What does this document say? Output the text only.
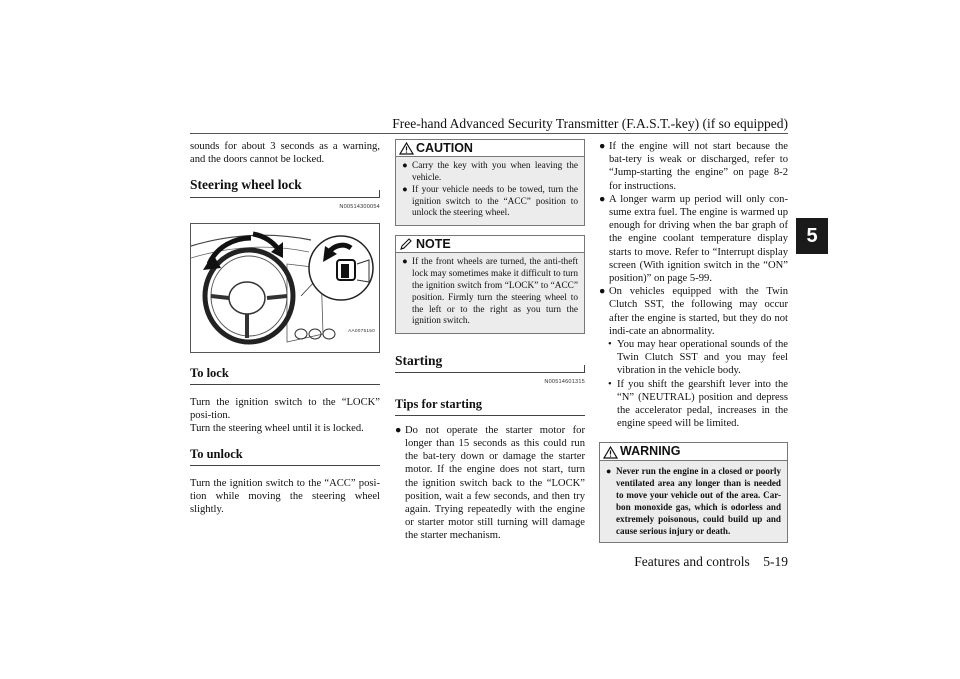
Free-hand Advanced Security Transmitter (F.A.S.T.-key) (if so equipped)
5

sounds for about 3 seconds as a warning, and the doors cannot be locked.

Steering wheel lock
N00514300054
AA0075150
To lock

Turn the ignition switch to the “LOCK” posi-tion.

Turn the steering wheel until it is locked.

To unlock

Turn the ignition switch to the “ACC” posi-tion while moving the steering wheel slightly.

CAUTION
● Carry the key with you when leaving the vehicle.
● If your vehicle needs to be towed, turn the ignition switch to the “ACC” position to unlock the steering wheel.
NOTE
● If the front wheels are turned, the anti-theft lock may sometimes make it difficult to turn the ignition switch from “LOCK” to “ACC” position. Firmly turn the steering wheel to the left or to the right as you turn the ignition switch.
Starting
N00514601315
Tips for starting
● Do not operate the starter motor for longer than 15 seconds as this could run the bat-tery down or damage the starter motor. If the engine does not start, turn the ignition switch back to the “LOCK” position, wait a few seconds, and then try again. Trying repeatedly with the engine or starter motor still turning will damage the starter mechanism.
● If the engine will not start because the bat-tery is weak or discharged, refer to “Jump-starting the engine” on page 8-2 for instructions.
● A longer warm up period will only con-sume extra fuel. The engine is warmed up enough for driving when the bar graph of the engine coolant temperature display starts to move. Refer to “Interrupt display screen (With ignition switch in the “ON” position)” on page 5-99.
● On vehicles equipped with the Twin Clutch SST, the following may occur after the engine is started, but they do not indi-cate an abnormality.
• You may hear operational sounds of the Twin Clutch SST and you may feel vibration in the vehicle body.
• If you shift the gearshift lever into the “N” (NEUTRAL) position and depress the accelerator pedal, increases in the engine speed will be limited.
WARNING
● Never run the engine in a closed or poorly ventilated area any longer than is needed to move your vehicle out of the area. Car-bon monoxide gas, which is odorless and extremely poisonous, could build up and cause serious injury or death.
Features and controls    5-19
